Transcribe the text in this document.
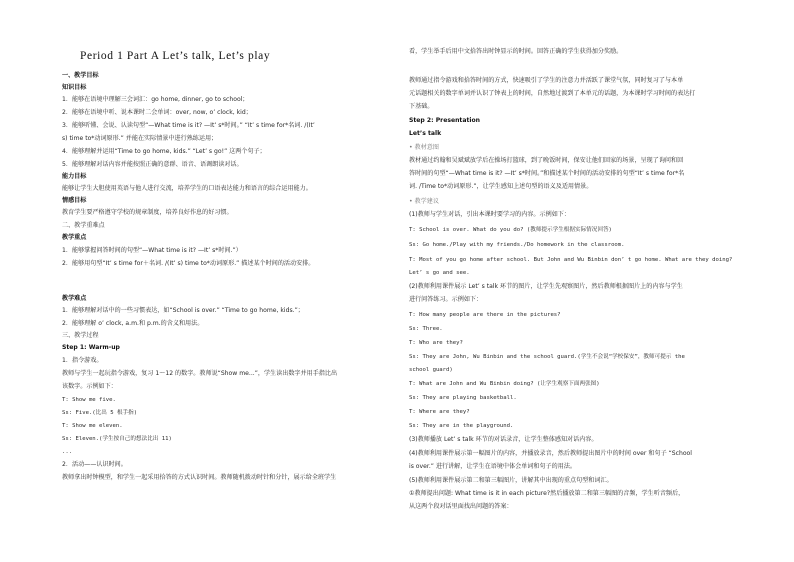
Period 1 Part A Let’s talk, Let’s play
一、教学目标
知识目标
1．能够在语境中理解三会词汇：go home, dinner, go to school；
2．能够在语境中听、说本课时二会单词：over, now, o’ clock, kid；
3．能够听懂、会说、认读句型“—What time is it? —It’ s*时间。” “It’ s time for*名词. /(It’
s) time to*动词原形.” 并能在实际情景中进行熟练运用；
4．能够理解并运用“Time to go home, kids.” “Let’ s go!” 这两个句子；
5．能够理解对话内容并能按照正确的意群、语音、语调朗读对话。
能力目标
能够让学生大胆使用英语与他人进行交流，培养学生的口语表达能力和语言的综合运用能力。
情感目标
教育学生要严格遵守学校的规章制度，培养良好作息的好习惯。
二、教学重难点
教学重点
1．能够掌握问答时间的句型“—What time is it? —It’ s*时间.”）
2．能够用句型“It’ s time for＋名词. /(It’ s) time to*动词原形.” 描述某个时间的活动安排。
教学难点
1．能够理解对话中的一些习惯表达，如“School is over.” “Time to go home, kids.”；
2．能够理解 o’ clock, a.m.和 p.m.的含义和用法。
三、教学过程
Step 1: Warm-up
1．指令游戏。
教师与学生一起玩指令游戏，复习 1～12 的数字。教师说“Show me...”，学生读出数字并用手指比出
该数字。示例如下：
T: Show me five.
Ss: Five.(比出 5 根手指)
T: Show me eleven.
Ss: Eleven.(学生按自己的想法比出 11)
...
2．活动——认识时间。
教师拿出时钟模型，和学生一起采用拾答的方式认识时间。教师随机拨动时针和分针，展示给全班学生
看，学生举手后用中文拾答出时钟显示的时间。回答正确的学生获得加分奖励。
教师通过指令游戏和拾答时间的方式，快速吸引了学生的注意力并活跃了课堂气氛，同时复习了与本单
元话题相关的数字单词并认识了钟表上的时间，自然地过渡到了本单元的话题，为本课时学习时间的表达打
下基础。
Step 2: Presentation
Let’s talk
• 教材意图
教材通过约翰和吴斌斌放学后在操场打篮球，到了晚饭时间，保安让他们回家的场景，呈现了询问和回
答时间的句型“—What time is it? —It’ s*时间。”和描述某个时间的活动安排的句型“It’ s time for*名
词. /Time to*动词原形.”，让学生感知上述句型的语义及适用情景。
• 教学建议
(1)教师与学生对话，引出本课时要学习的内容。示例如下：
T: School is over. What do you do? (教师提示学生根据实际情况回答)
Ss: Go home./Play with my friends./Do homework in the classroom.
T: Most of you go home after school. But John and Wu Binbin don’ t go home. What are they doing?
Let’ s go and see.
(2)教师利用课件展示 Let’ s talk 环节的图片，让学生先观察图片，然后教师根据图片上的内容与学生
进行问答练习。示例如下：
T: How many people are there in the pictures?
Ss: Three.
T: Who are they?
Ss: They are John, Wu Binbin and the school guard.(学生不会说“学校保安”，教师可提示 the
school guard)
T: What are John and Wu Binbin doing? (让学生观察下面两张图)
Ss: They are playing basketball.
T: Where are they?
Ss: They are in the playground.
(3)教师播放 Let’ s talk 环节的对话录音，让学生整体感知对话内容。
(4)教师利用课件展示第一幅图片的内容，并播放录音，然后教师提出图片中的时间 over 和句子 “School
is over.” 进行讲解，让学生在语境中体会单词和句子的用法。
(5)教师利用课件展示第二和第三幅图片，讲解其中出现的重点句型和词汇。
①教师提出问题: What time is it in each picture?然后播放第二和第三幅图的音频，学生听音频后，
从这两个段对话里面找出问题的答案：
